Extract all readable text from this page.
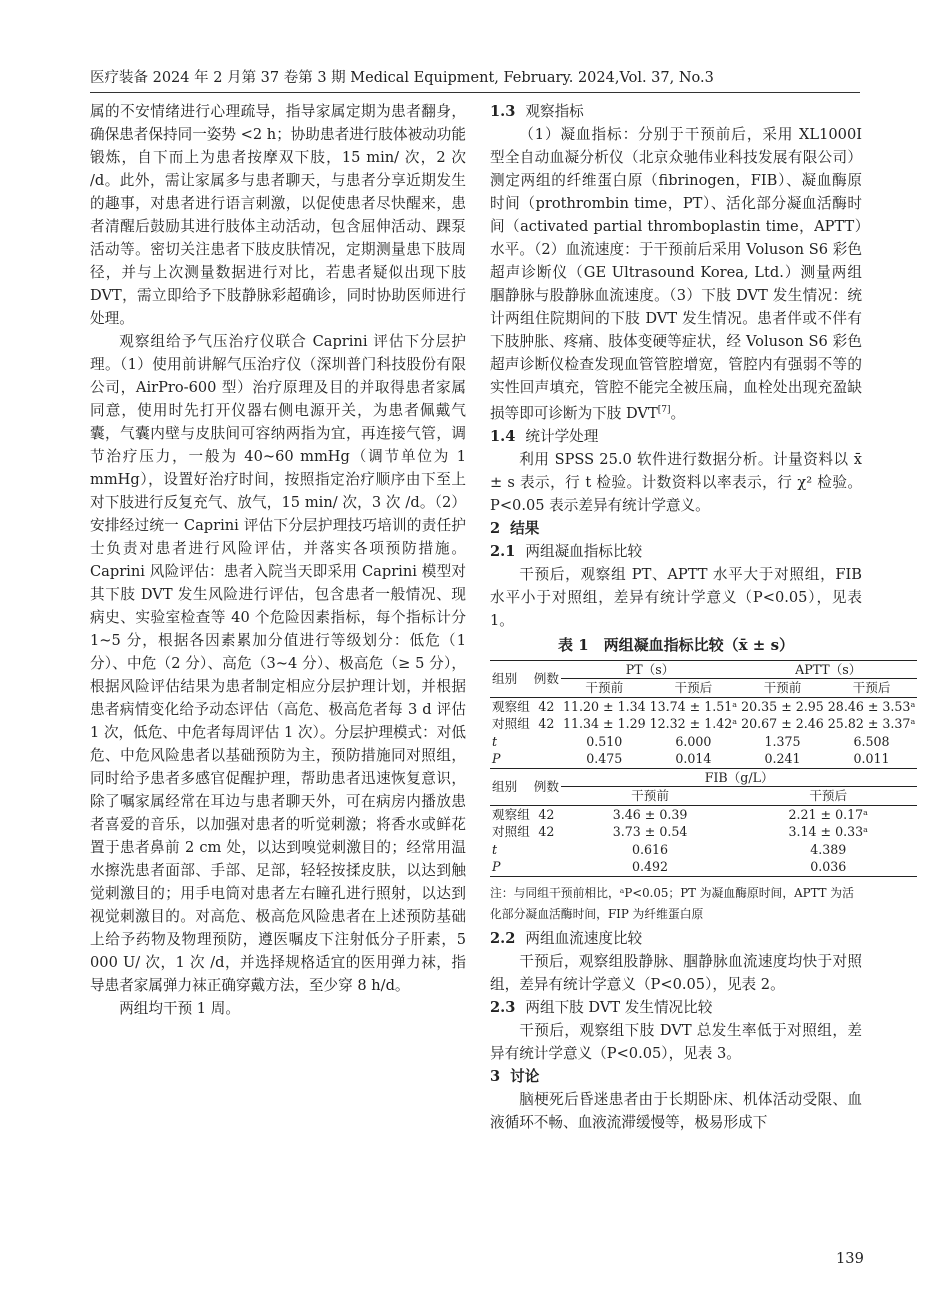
医疗装备 2024 年 2 月第 37 卷第 3 期 Medical Equipment, February. 2024,Vol. 37, No.3

属的不安情绪进行心理疏导，指导家属定期为患者翻身，确保患者保持同一姿势 <2 h；协助患者进行肢体被动功能锻炼，自下而上为患者按摩双下肢，15 min/ 次，2 次 /d。此外，需让家属多与患者聊天，与患者分享近期发生的趣事，对患者进行语言刺激，以促使患者尽快醒来，患者清醒后鼓励其进行肢体主动活动，包含屈伸活动、踝泵活动等。密切关注患者下肢皮肤情况，定期测量患下肢周径，并与上次测量数据进行对比，若患者疑似出现下肢 DVT，需立即给予下肢静脉彩超确诊，同时协助医师进行处理。

观察组给予气压治疗仪联合 Caprini 评估下分层护理。（1）使用前讲解气压治疗仪（深圳普门科技股份有限公司，AirPro-600 型）治疗原理及目的并取得患者家属同意，使用时先打开仪器右侧电源开关，为患者佩戴气囊，气囊内壁与皮肤间可容纳两指为宜，再连接气管，调节治疗压力，一般为 40~60 mmHg（调节单位为 1 mmHg），设置好治疗时间，按照指定治疗顺序由下至上对下肢进行反复充气、放气，15 min/ 次，3 次 /d。（2）安排经过统一 Caprini 评估下分层护理技巧培训的责任护士负责对患者进行风险评估，并落实各项预防措施。Caprini 风险评估：患者入院当天即采用 Caprini 模型对其下肢 DVT 发生风险进行评估，包含患者一般情况、现病史、实验室检查等 40 个危险因素指标，每个指标计分 1~5 分，根据各因素累加分值进行等级划分：低危（1 分）、中危（2 分）、高危（3~4 分）、极高危（≥ 5 分），根据风险评估结果为患者制定相应分层护理计划，并根据患者病情变化给予动态评估（高危、极高危者每 3 d 评估 1 次，低危、中危者每周评估 1 次）。分层护理模式：对低危、中危风险患者以基础预防为主，预防措施同对照组，同时给予患者多感官促醒护理，帮助患者迅速恢复意识，除了嘱家属经常在耳边与患者聊天外，可在病房内播放患者喜爱的音乐，以加强对患者的听觉刺激；将香水或鲜花置于患者鼻前 2 cm 处，以达到嗅觉刺激目的；经常用温水擦洗患者面部、手部、足部，轻轻按揉皮肤，以达到触觉刺激目的；用手电筒对患者左右瞳孔进行照射，以达到视觉刺激目的。对高危、极高危风险患者在上述预防基础上给予药物及物理预防，遵医嘱皮下注射低分子肝素，5 000 U/ 次，1 次 /d，并选择规格适宜的医用弹力袜，指导患者家属弹力袜正确穿戴方法，至少穿 8 h/d。

两组均干预 1 周。

1.3 观察指标

（1）凝血指标：分别于干预前后，采用 XL1000I 型全自动血凝分析仪（北京众驰伟业科技发展有限公司）测定两组的纤维蛋白原（fibrinogen，FIB）、凝血酶原时间（prothrombin time，PT）、活化部分凝血活酶时间（activated partial thromboplastin time，APTT）水平。（2）血流速度：于干预前后采用 Voluson S6 彩色超声诊断仪（GE Ultrasound Korea, Ltd.）测量两组腘静脉与股静脉血流速度。（3）下肢 DVT 发生情况：统计两组住院期间的下肢 DVT 发生情况。患者伴或不伴有下肢肿胀、疼痛、肢体变硬等症状，经 Voluson S6 彩色超声诊断仪检查发现血管管腔增宽，管腔内有强弱不等的实性回声填充，管腔不能完全被压扁，血栓处出现充盈缺损等即可诊断为下肢 DVT[7]。

1.4 统计学处理

利用 SPSS 25.0 软件进行数据分析。计量资料以 x̄ ± s 表示，行 t 检验。计数资料以率表示，行 χ² 检验。P<0.05 表示差异有统计学意义。

2 结果
2.1 两组凝血指标比较

干预后，观察组 PT、APTT 水平大于对照组，FIB 水平小于对照组，差异有统计学意义（P<0.05），见表 1。

表 1　两组凝血指标比较（x̄ ± s）
组别	例数	PT（s）		APTT（s）	
		干预前	干预后	干预前	干预后
观察组	42	11.20 ± 1.34	13.74 ± 1.51ᵃ	20.35 ± 2.95	28.46 ± 3.53ᵃ
对照组	42	11.34 ± 1.29	12.32 ± 1.42ᵃ	20.67 ± 2.46	25.82 ± 3.37ᵃ
t		0.510	6.000	1.375	6.508
P		0.475	0.014	0.241	0.011
组别	例数	FIB（g/L）			
		干预前		干预后	
观察组	42	3.46 ± 0.39		2.21 ± 0.17ᵃ	
对照组	42	3.73 ± 0.54		3.14 ± 0.33ᵃ	
t		0.616		4.389	
P		0.492		0.036	
注：与同组干预前相比，ᵃP<0.05；PT 为凝血酶原时间，APTT 为活化部分凝血活酶时间，FIP 为纤维蛋白原
2.2 两组血流速度比较

干预后，观察组股静脉、腘静脉血流速度均快于对照组，差异有统计学意义（P<0.05），见表 2。

2.3 两组下肢 DVT 发生情况比较

干预后，观察组下肢 DVT 总发生率低于对照组，差异有统计学意义（P<0.05），见表 3。

3 讨论

脑梗死后昏迷患者由于长期卧床、机体活动受限、血液循环不畅、血液流滞缓慢等，极易形成下

139
